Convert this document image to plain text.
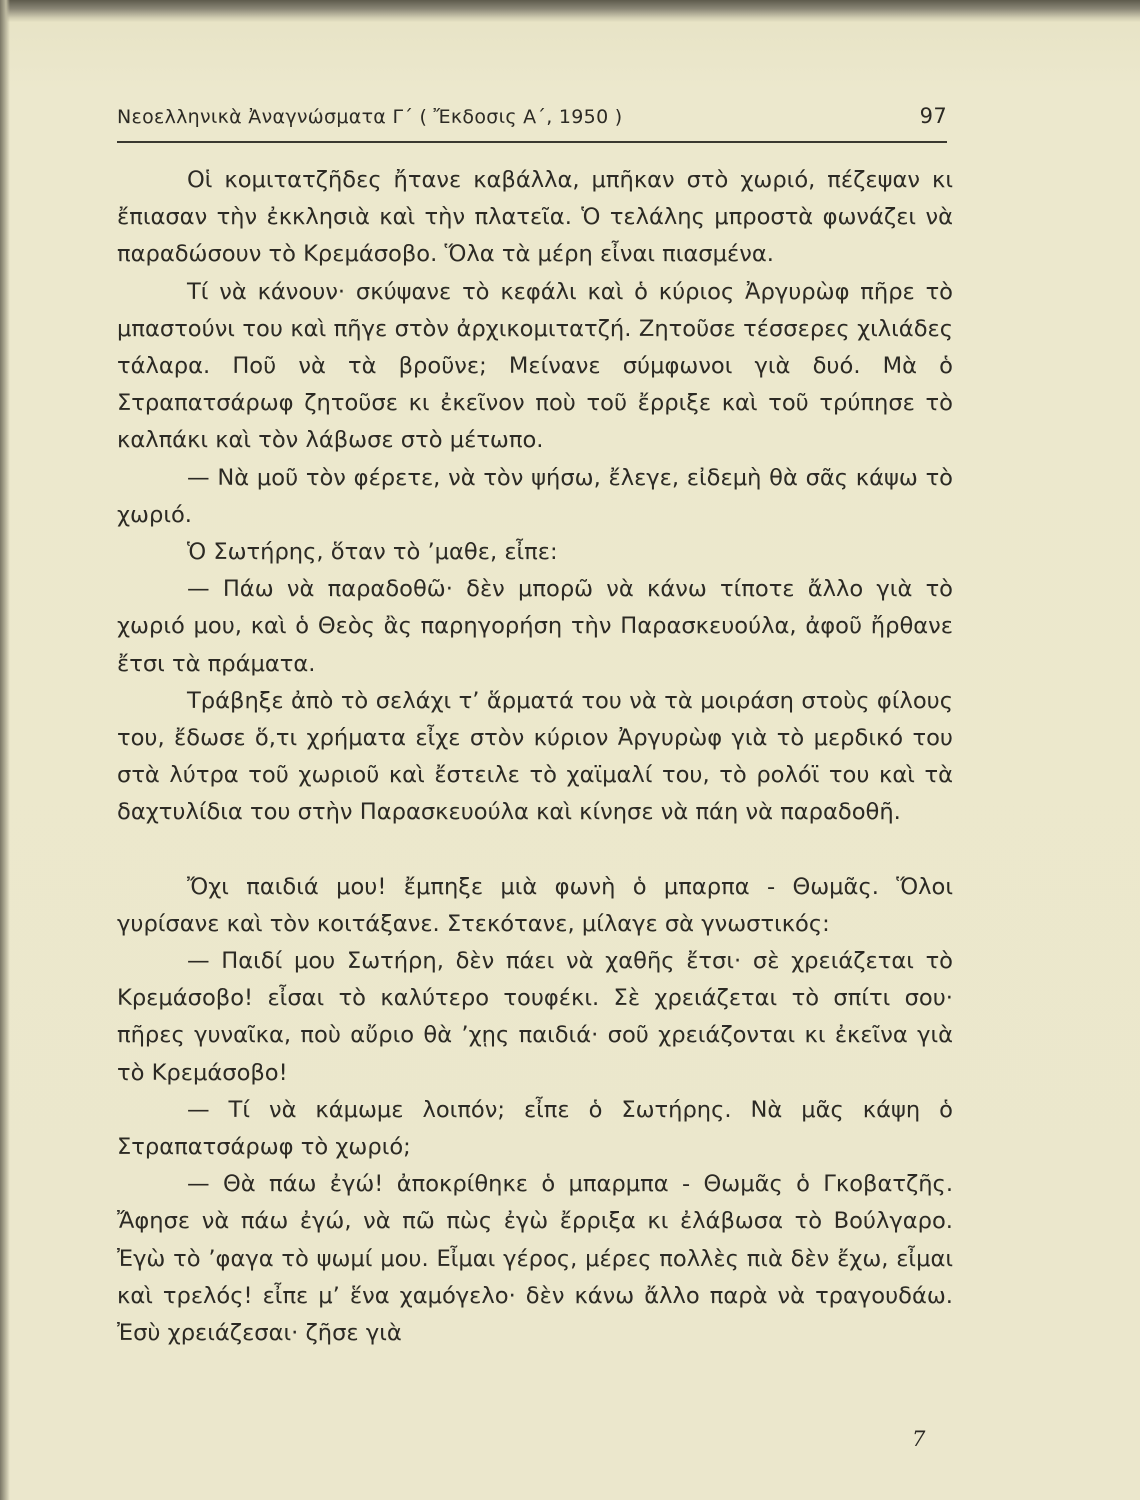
Νεοελληνικὰ Ἀναγνώσματα Γ΄ ( Ἔκδοσις Α΄, 1950 )	97

Οἱ κομιτατζῆδες ἤτανε καβάλλα, μπῆκαν στὸ χωριό, πέζεψαν κι ἔπιασαν τὴν ἐκκλησιὰ καὶ τὴν πλατεῖα. Ὁ τελάλης μπροστὰ φωνάζει νὰ παραδώσουν τὸ Κρεμάσοβο. Ὅλα τὰ μέρη εἶναι πιασμένα.

Τί νὰ κάνουν· σκύψανε τὸ κεφάλι καὶ ὁ κύριος Ἀργυρὼφ πῆρε τὸ μπαστούνι του καὶ πῆγε στὸν ἀρχικομιτατζή. Ζητοῦσε τέσσερες χιλιάδες τάλαρα. Ποῦ νὰ τὰ βροῦνε; Μείνανε σύμφωνοι γιὰ δυό. Μὰ ὁ Στραπατσάρωφ ζητοῦσε κι ἐκεῖνον ποὺ τοῦ ἔρριξε καὶ τοῦ τρύπησε τὸ καλπάκι καὶ τὸν λάβωσε στὸ μέτωπο.

— Νὰ μοῦ τὸν φέρετε, νὰ τὸν ψήσω, ἔλεγε, εἰδεμὴ θὰ σᾶς κάψω τὸ χωριό.

Ὁ Σωτήρης, ὅταν τὸ ’μαθε, εἶπε:

— Πάω νὰ παραδοθῶ· δὲν μπορῶ νὰ κάνω τίποτε ἄλλο γιὰ τὸ χωριό μου, καὶ ὁ Θεὸς ἂς παρηγορήση τὴν Παρασκευούλα, ἀφοῦ ἤρθανε ἔτσι τὰ πράματα.

Τράβηξε ἀπὸ τὸ σελάχι τ’ ἅρματά του νὰ τὰ μοιράση στοὺς φίλους του, ἔδωσε ὅ,τι χρήματα εἶχε στὸν κύριον Ἀργυρὼφ γιὰ τὸ μερδικό του στὰ λύτρα τοῦ χωριοῦ καὶ ἔστειλε τὸ χαϊμαλί του, τὸ ρολόϊ του καὶ τὰ δαχτυλίδια του στὴν Παρασκευούλα καὶ κίνησε νὰ πάη νὰ παραδοθῆ.

Ὄχι παιδιά μου! ἔμπηξε μιὰ φωνὴ ὁ μπαρπα - Θωμᾶς. Ὅλοι γυρίσανε καὶ τὸν κοιτάξανε. Στεκότανε, μίλαγε σὰ γνωστικός:

— Παιδί μου Σωτήρη, δὲν πάει νὰ χαθῆς ἔτσι· σὲ χρειάζεται τὸ Κρεμάσοβο! εἶσαι τὸ καλύτερο τουφέκι. Σὲ χρειάζεται τὸ σπίτι σου· πῆρες γυναῖκα, ποὺ αὔριο θὰ ’χῃς παιδιά· σοῦ χρειάζονται κι ἐκεῖνα γιὰ τὸ Κρεμάσοβο!

— Τί νὰ κάμωμε λοιπόν; εἶπε ὁ Σωτήρης. Νὰ μᾶς κάψη ὁ Στραπατσάρωφ τὸ χωριό;

— Θὰ πάω ἐγώ! ἀποκρίθηκε ὁ μπαρμπα - Θωμᾶς ὁ Γκοβατζῆς. Ἄφησε νὰ πάω ἐγώ, νὰ πῶ πὼς ἐγὼ ἔρριξα κι ἐλάβωσα τὸ Βούλγαρο. Ἐγὼ τὸ ’φαγα τὸ ψωμί μου. Εἶμαι γέρος, μέρες πολλὲς πιὰ δὲν ἔχω, εἶμαι καὶ τρελός! εἶπε μ’ ἕνα χαμόγελο· δὲν κάνω ἄλλο παρὰ νὰ τραγουδάω. Ἐσὺ χρειάζεσαι· ζῆσε γιὰ

7
